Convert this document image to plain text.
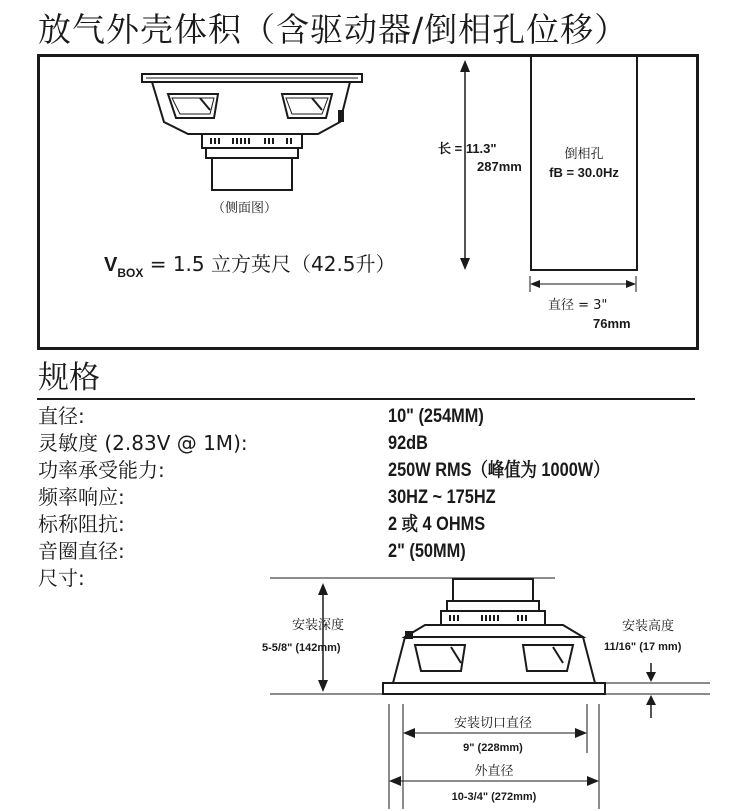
放气外壳体积（含驱动器/倒相孔位移）
（侧面图）
$V_{BOX} = 1.5$ 立方英尺（42.5升）
长 = 11.3"
287mm
倒相孔
fB = 30.0Hz
直径 = 3"
76mm
规格
直径:
灵敏度 (2.83V @ 1M):
功率承受能力:
频率响应:
标称阻抗:
音圈直径:
尺寸:
10" (254MM)
92dB
250W RMS（峰值为 1000W）
30HZ ~ 175HZ
2 或 4 OHMS
2" (50MM)
安装深度
5-5/8" (142mm)
安装高度
11/16" (17 mm)
安装切口直径
9" (228mm)
外直径
10-3/4" (272mm)
